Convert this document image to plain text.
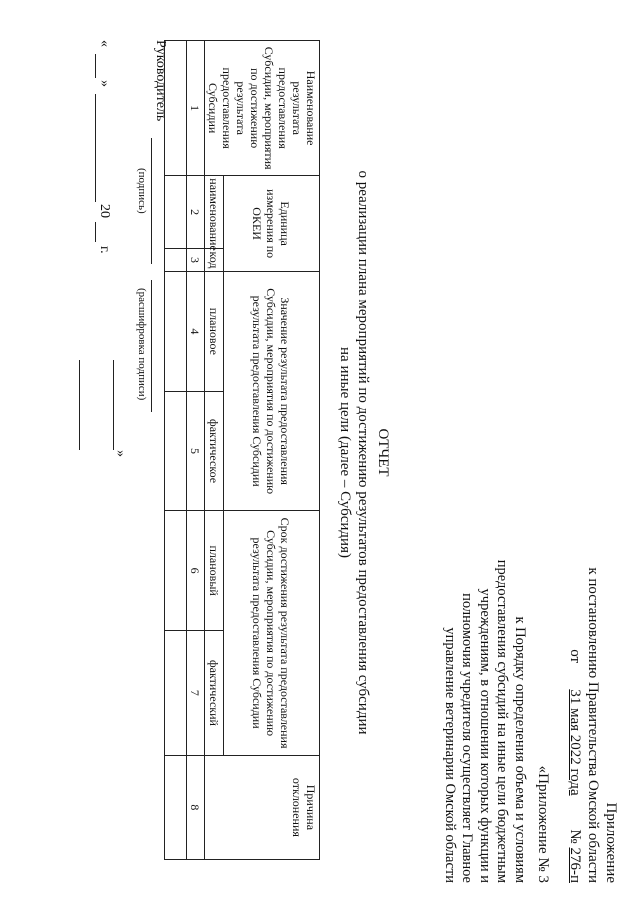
Приложение
к постановлению Правительства Омской области
от       31 мая 2022 года         № 276-п
«Приложение № 3
к Порядку определения объема и условиям предоставления субсидий на иные цели бюджетным учреждениям, в отношении которых функции и полномочия учредителя осуществляет Главное управление ветеринарии Омской области
ОТЧЕТ
о реализации плана мероприятий по достижению результатов предоставления субсидии
на иные цели (далее – Субсидия)
Наименование результата предоставления Субсидии, мероприятия по достижению результата предоставления Субсидии	Единица измерения по ОКЕИ		Значение результата предоставления Субсидии, мероприятия по достижению результата предоставления Субсидии		Срок достижения результата предоставления Субсидии, мероприятия по достижению результата предоставления Субсидии		Причина отклонения
	наименование	код	плановое	фактическое	плановый	фактический	
1	2	3	4	5	6	7	8

Руководитель
(подпись)
(расшифровка подписи)
«
»
20
г.
»
